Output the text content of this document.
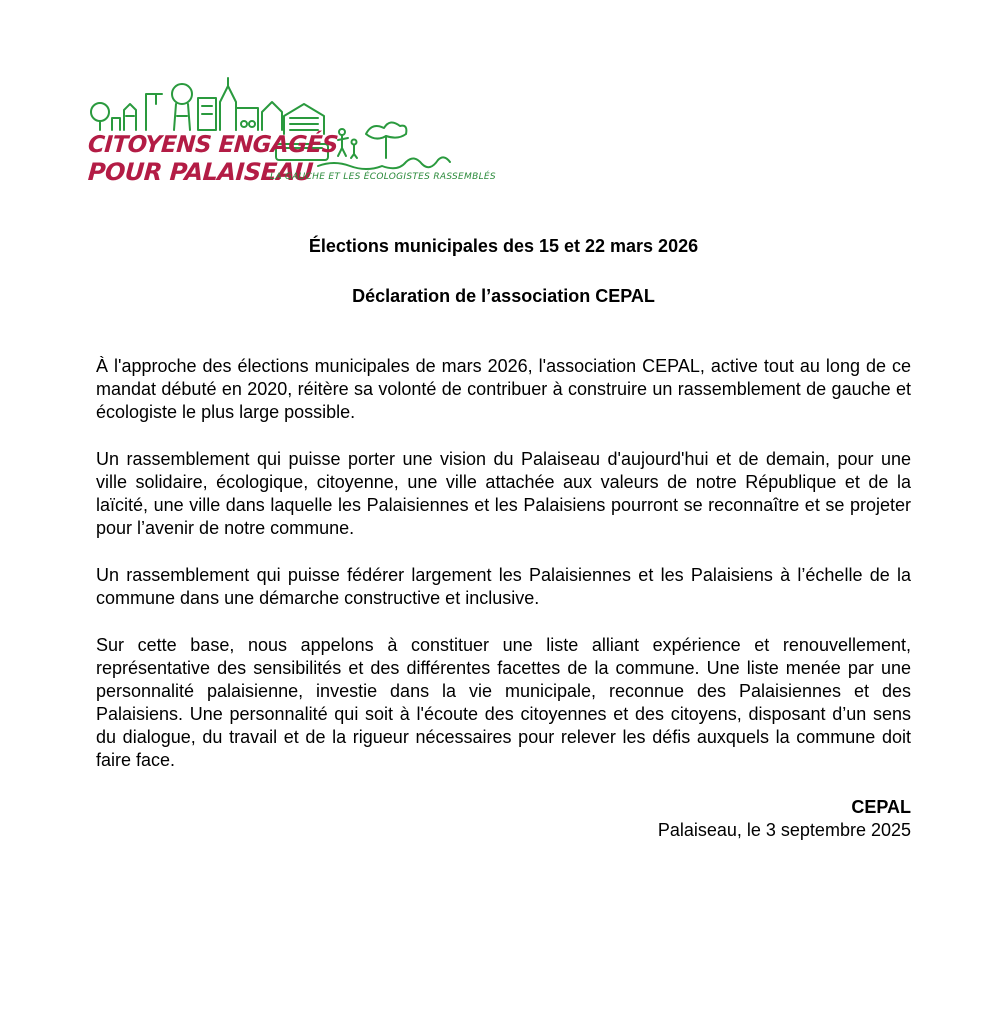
CITOYENS ENGAGÉS
POUR PALAISEAU
LA GAUCHE ET LES ÉCOLOGISTES RASSEMBLÉS
Élections municipales des 15 et 22 mars 2026
Déclaration de l’association CEPAL

À l'approche des élections municipales de mars 2026, l'association CEPAL, active tout au long de ce mandat débuté en 2020, réitère sa volonté de contribuer à construire un rassemblement de gauche et écologiste le plus large possible.

Un rassemblement qui puisse porter une vision du Palaiseau d'aujourd'hui et de demain, pour une ville solidaire, écologique, citoyenne, une ville attachée aux valeurs de notre République et de la laïcité, une ville dans laquelle les Palaisiennes et les Palaisiens pourront se reconnaître et se projeter pour l’avenir de notre commune.

Un rassemblement qui puisse fédérer largement les Palaisiennes et les Palaisiens à l’échelle de la commune dans une démarche constructive et inclusive.

Sur cette base, nous appelons à constituer une liste alliant expérience et renouvellement, représentative des sensibilités et des différentes facettes de la commune. Une liste menée par une personnalité palaisienne, investie dans la vie municipale, reconnue des Palaisiennes et des Palaisiens. Une personnalité qui soit à l'écoute des citoyennes et des citoyens, disposant d’un sens du dialogue, du travail et de la rigueur nécessaires pour relever les défis auxquels la commune doit faire face.

CEPAL
Palaiseau, le 3 septembre 2025
